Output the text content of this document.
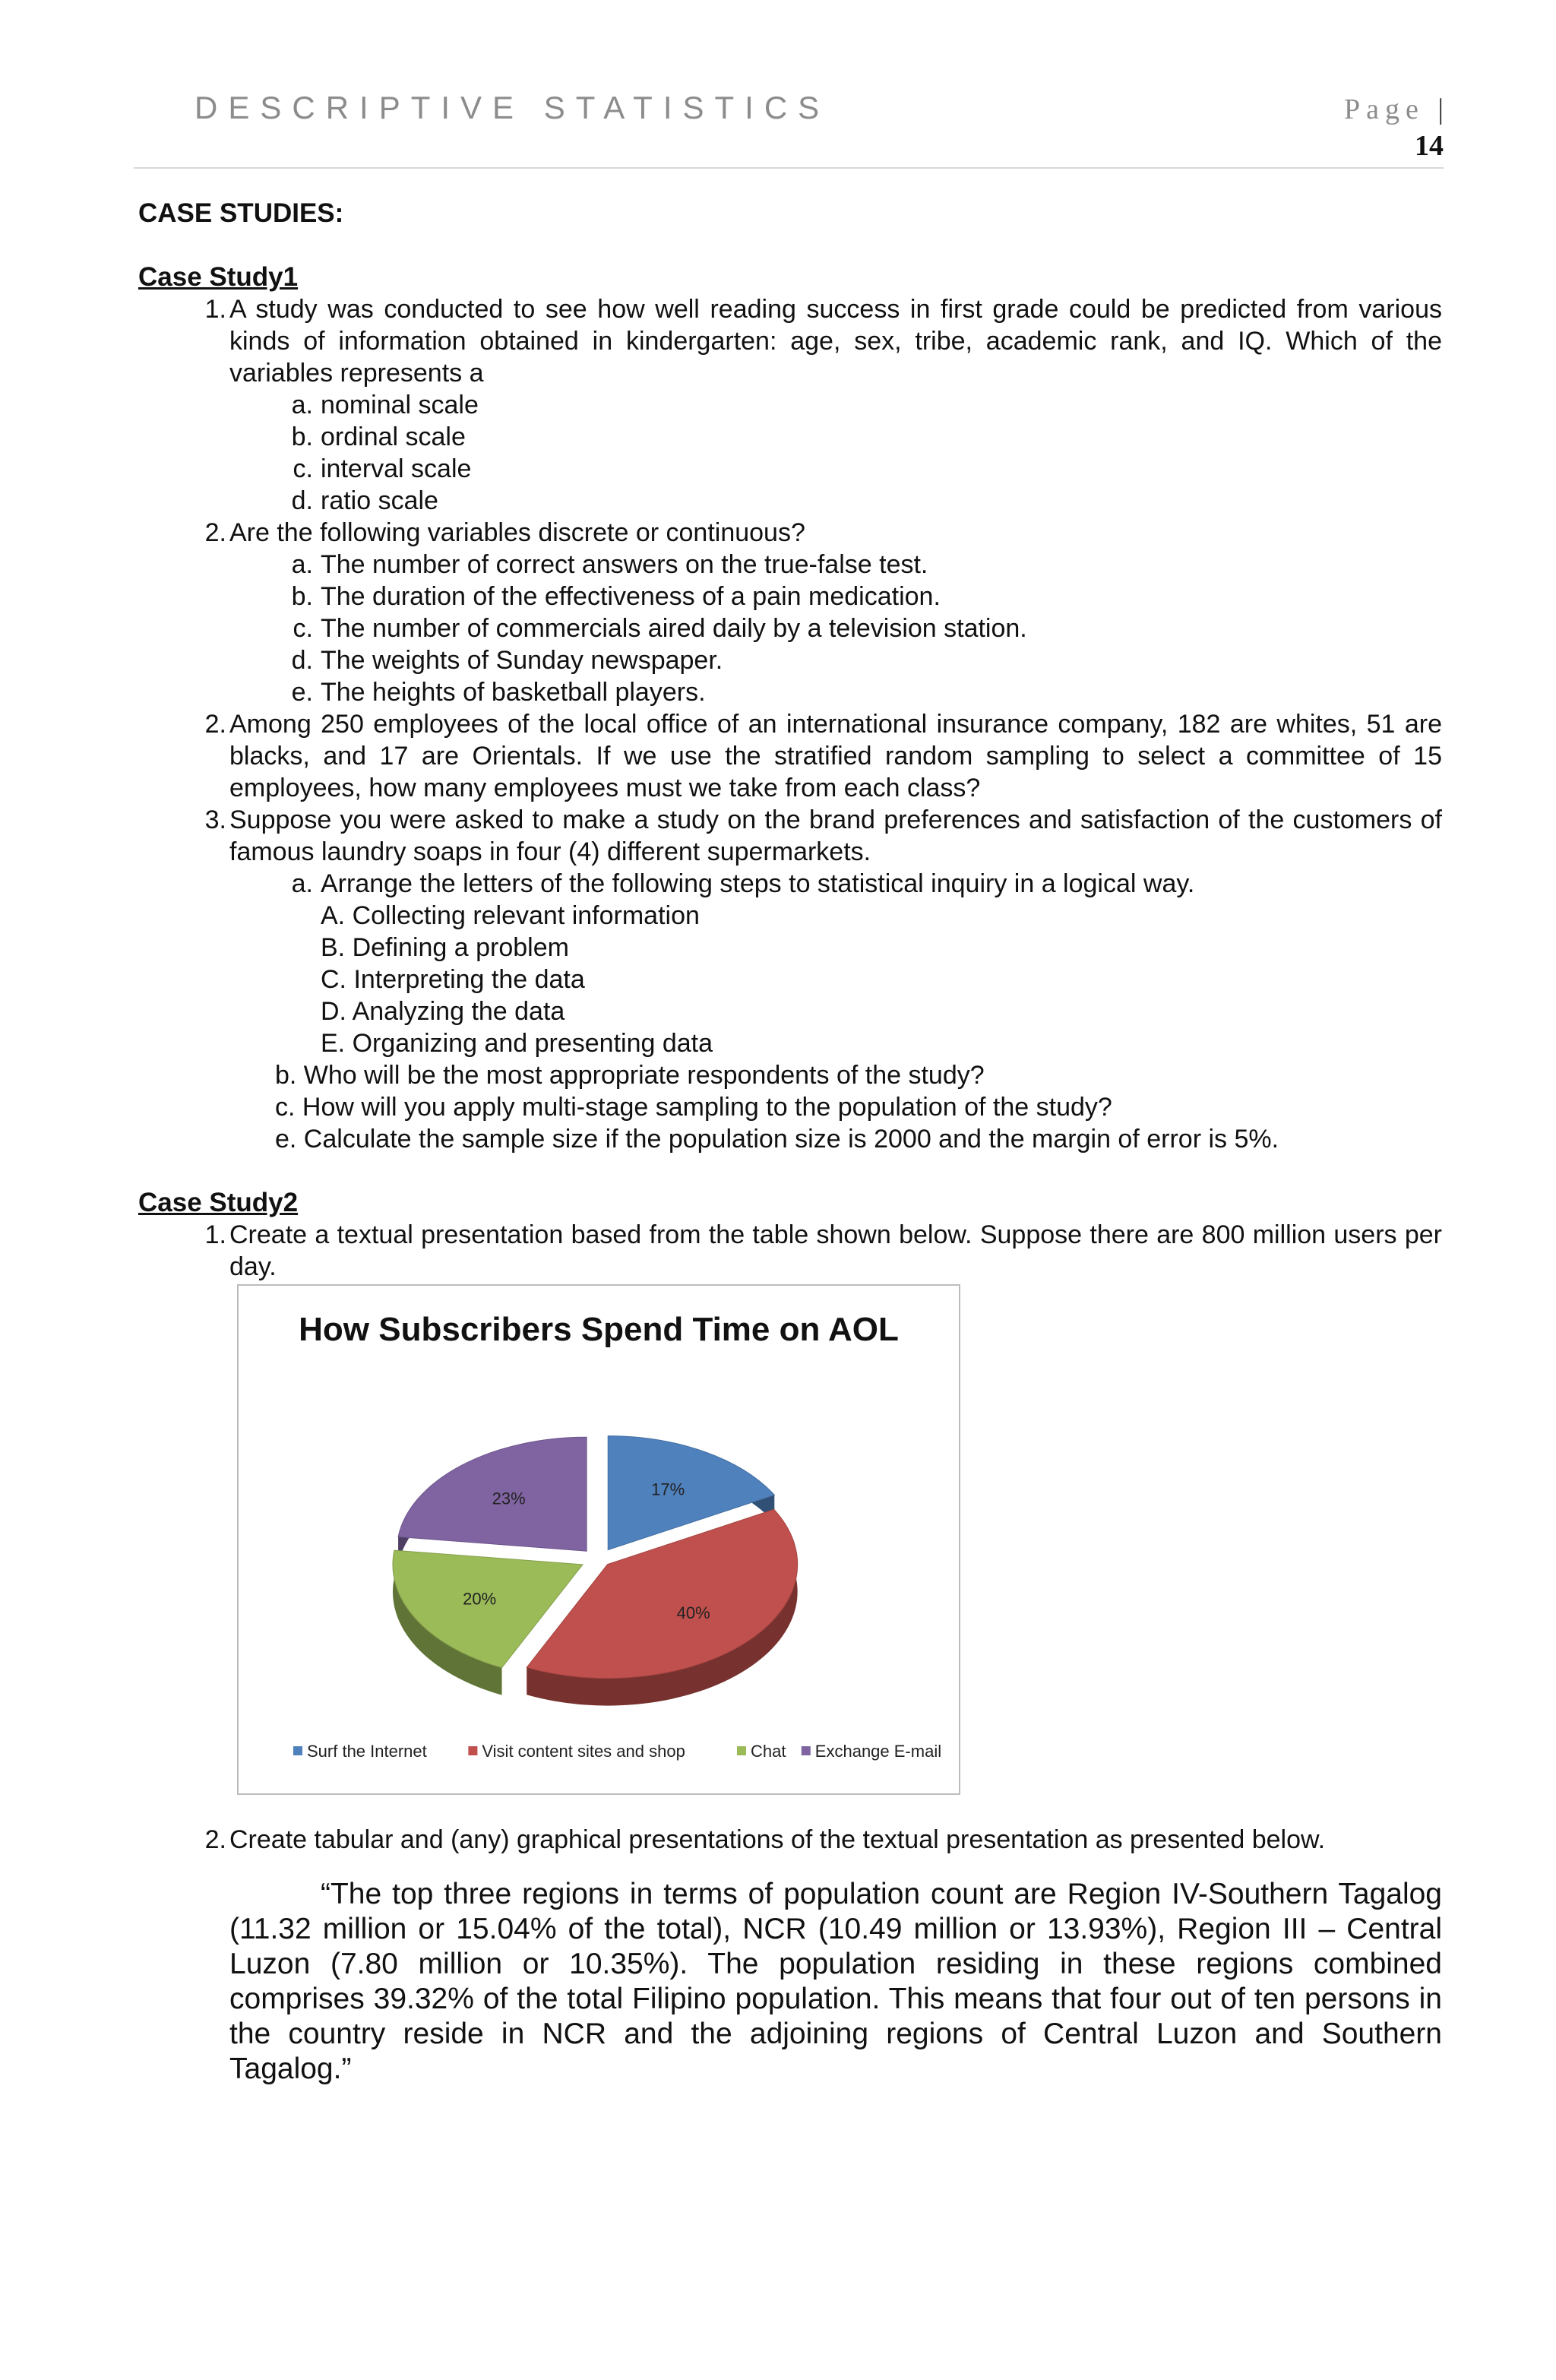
DESCRIPTIVE STATISTICS	Page |
14
CASE STUDIES:
Case Study1
1. A study was conducted to see how well reading success in first grade could be predicted from various kinds of information obtained in kindergarten: age, sex, tribe, academic rank, and IQ. Which of the variables represents a
a. nominal scale
b. ordinal scale
c. interval scale
d. ratio scale
2. Are the following variables discrete or continuous?
a. The number of correct answers on the true-false test.
b. The duration of the effectiveness of a pain medication.
c. The number of commercials aired daily by a television station.
d. The weights of Sunday newspaper.
e. The heights of basketball players.
2. Among 250 employees of the local office of an international insurance company, 182 are whites, 51 are blacks, and 17 are Orientals. If we use the stratified random sampling to select a committee of 15 employees, how many employees must we take from each class?
3. Suppose you were asked to make a study on the brand preferences and satisfaction of the customers of famous laundry soaps in four (4) different supermarkets.
a. Arrange the letters of the following steps to statistical inquiry in a logical way.
A. Collecting relevant information
B. Defining a problem
C. Interpreting the data
D. Analyzing the data
E. Organizing and presenting data
b. Who will be the most appropriate respondents of the study?
c. How will you apply multi-stage sampling to the population of the study?
e. Calculate the sample size if the population size is 2000 and the margin of error is 5%.
Case Study2
1. Create a textual presentation based from the table shown below. Suppose there are 800 million users per day.
How Subscribers Spend Time on AOL
17%
40%
20%
23%
Surf the Internet	Visit content sites and shop	Chat Exchange E-mail
2. Create tabular and (any) graphical presentations of the textual presentation as presented below.
“The top three regions in terms of population count are Region IV-Southern Tagalog (11.32 million or 15.04% of the total), NCR (10.49 million or 13.93%), Region III – Central Luzon (7.80 million or 10.35%). The population residing in these regions combined comprises 39.32% of the total Filipino population. This means that four out of ten persons in the country reside in NCR and the adjoining regions of Central Luzon and Southern Tagalog.”
